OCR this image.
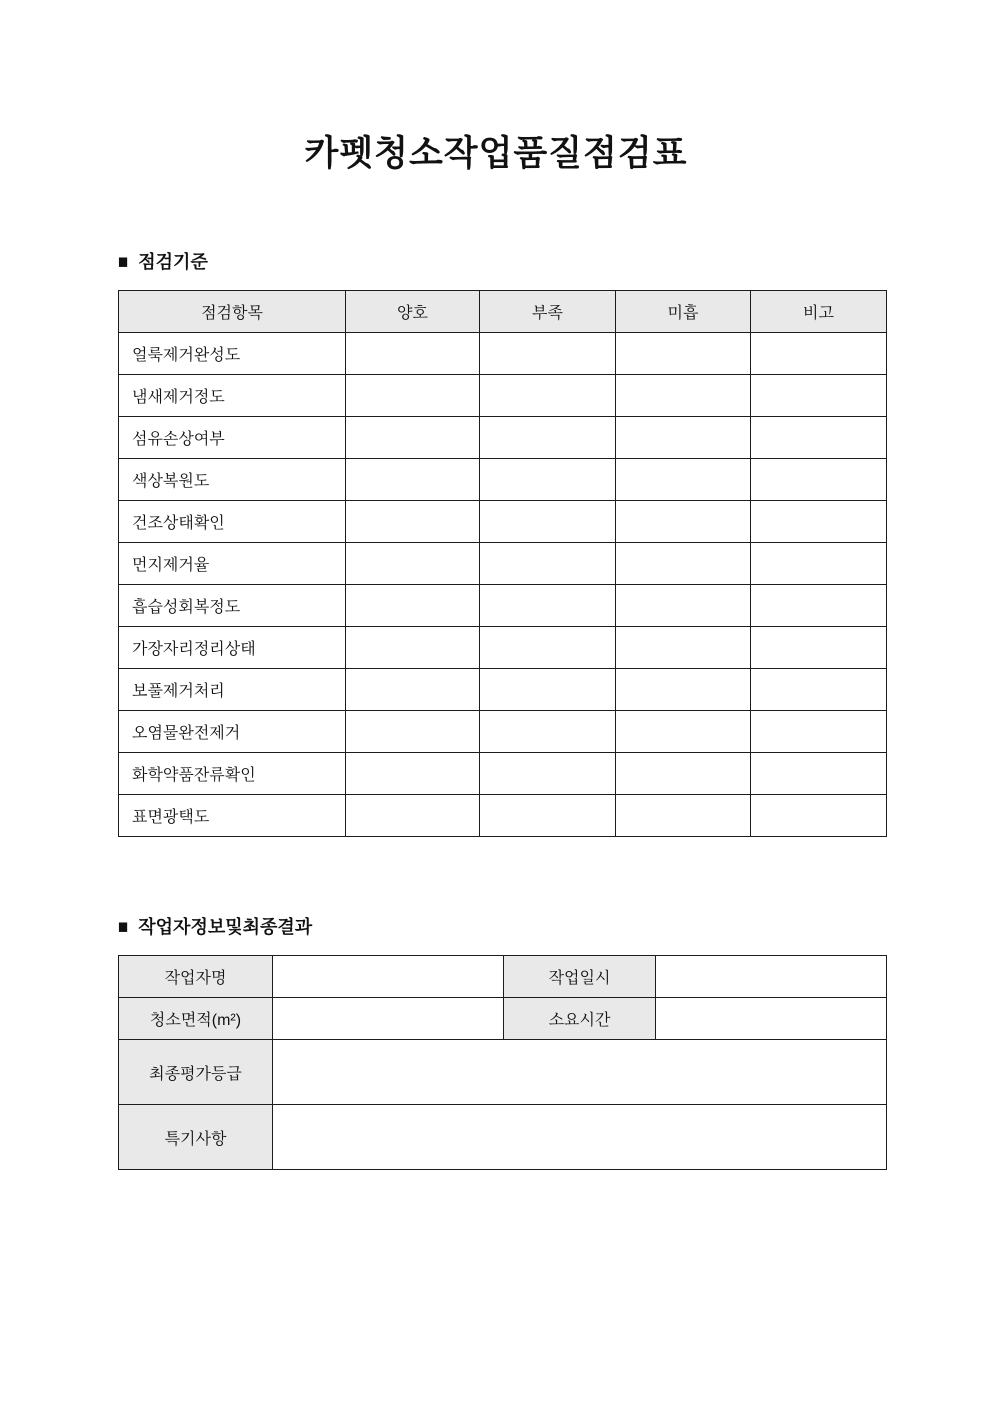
카펫청소작업품질점검표
■ 점검기준
점검항목	양호	부족	미흡	비고
얼룩제거완성도				
냄새제거정도				
섬유손상여부				
색상복원도				
건조상태확인				
먼지제거율				
흡습성회복정도				
가장자리정리상태				
보풀제거처리				
오염물완전제거				
화학약품잔류확인				
표면광택도				
■ 작업자정보및최종결과
작업자명		작업일시	
청소면적(m²)		소요시간	
최종평가등급			
특기사항			
